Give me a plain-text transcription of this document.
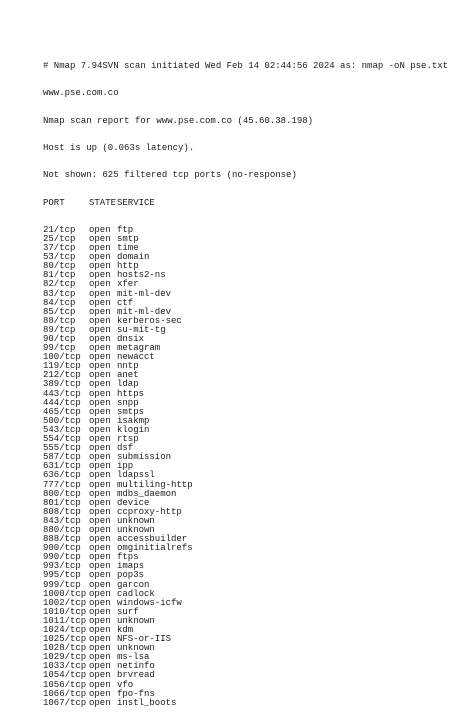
# Nmap 7.94SVN scan initiated Wed Feb 14 02:44:56 2024 as: nmap -oN pse.txt

www.pse.com.co

Nmap scan report for www.pse.com.co (45.60.38.198)

Host is up (0.063s latency).

Not shown: 625 filtered tcp ports (no-response)

PORT	STATE SERVICE

21/tcp	open ftp
25/tcp	open smtp
37/tcp	open time
53/tcp	open domain
80/tcp	open http
81/tcp	open hosts2-ns
82/tcp	open xfer
83/tcp	open mit-ml-dev
84/tcp	open ctf
85/tcp	open mit-ml-dev
88/tcp	open kerberos-sec
89/tcp	open su-mit-tg
90/tcp	open dnsix
99/tcp	open metagram
100/tcp open newacct
119/tcp open nntp
212/tcp open anet
389/tcp open ldap
443/tcp open https
444/tcp open snpp
465/tcp open smtps
500/tcp open isakmp
543/tcp open klogin
554/tcp open rtsp
555/tcp open dsf
587/tcp open submission
631/tcp open ipp
636/tcp open ldapssl
777/tcp open multiling-http
800/tcp open mdbs_daemon
801/tcp open device
808/tcp open ccproxy-http
843/tcp open unknown
880/tcp open unknown
888/tcp open accessbuilder
900/tcp open omginitialrefs
990/tcp open ftps
993/tcp open imaps
995/tcp open pop3s
999/tcp open garcon
1000/tcp open cadlock
1002/tcp open windows-icfw
1010/tcp open surf
1011/tcp open unknown
1024/tcp open kdm
1025/tcp open NFS-or-IIS
1028/tcp open unknown
1029/tcp open ms-lsa
1033/tcp open netinfo
1054/tcp open brvread
1056/tcp open vfo
1066/tcp open fpo-fns
1067/tcp open instl_boots
